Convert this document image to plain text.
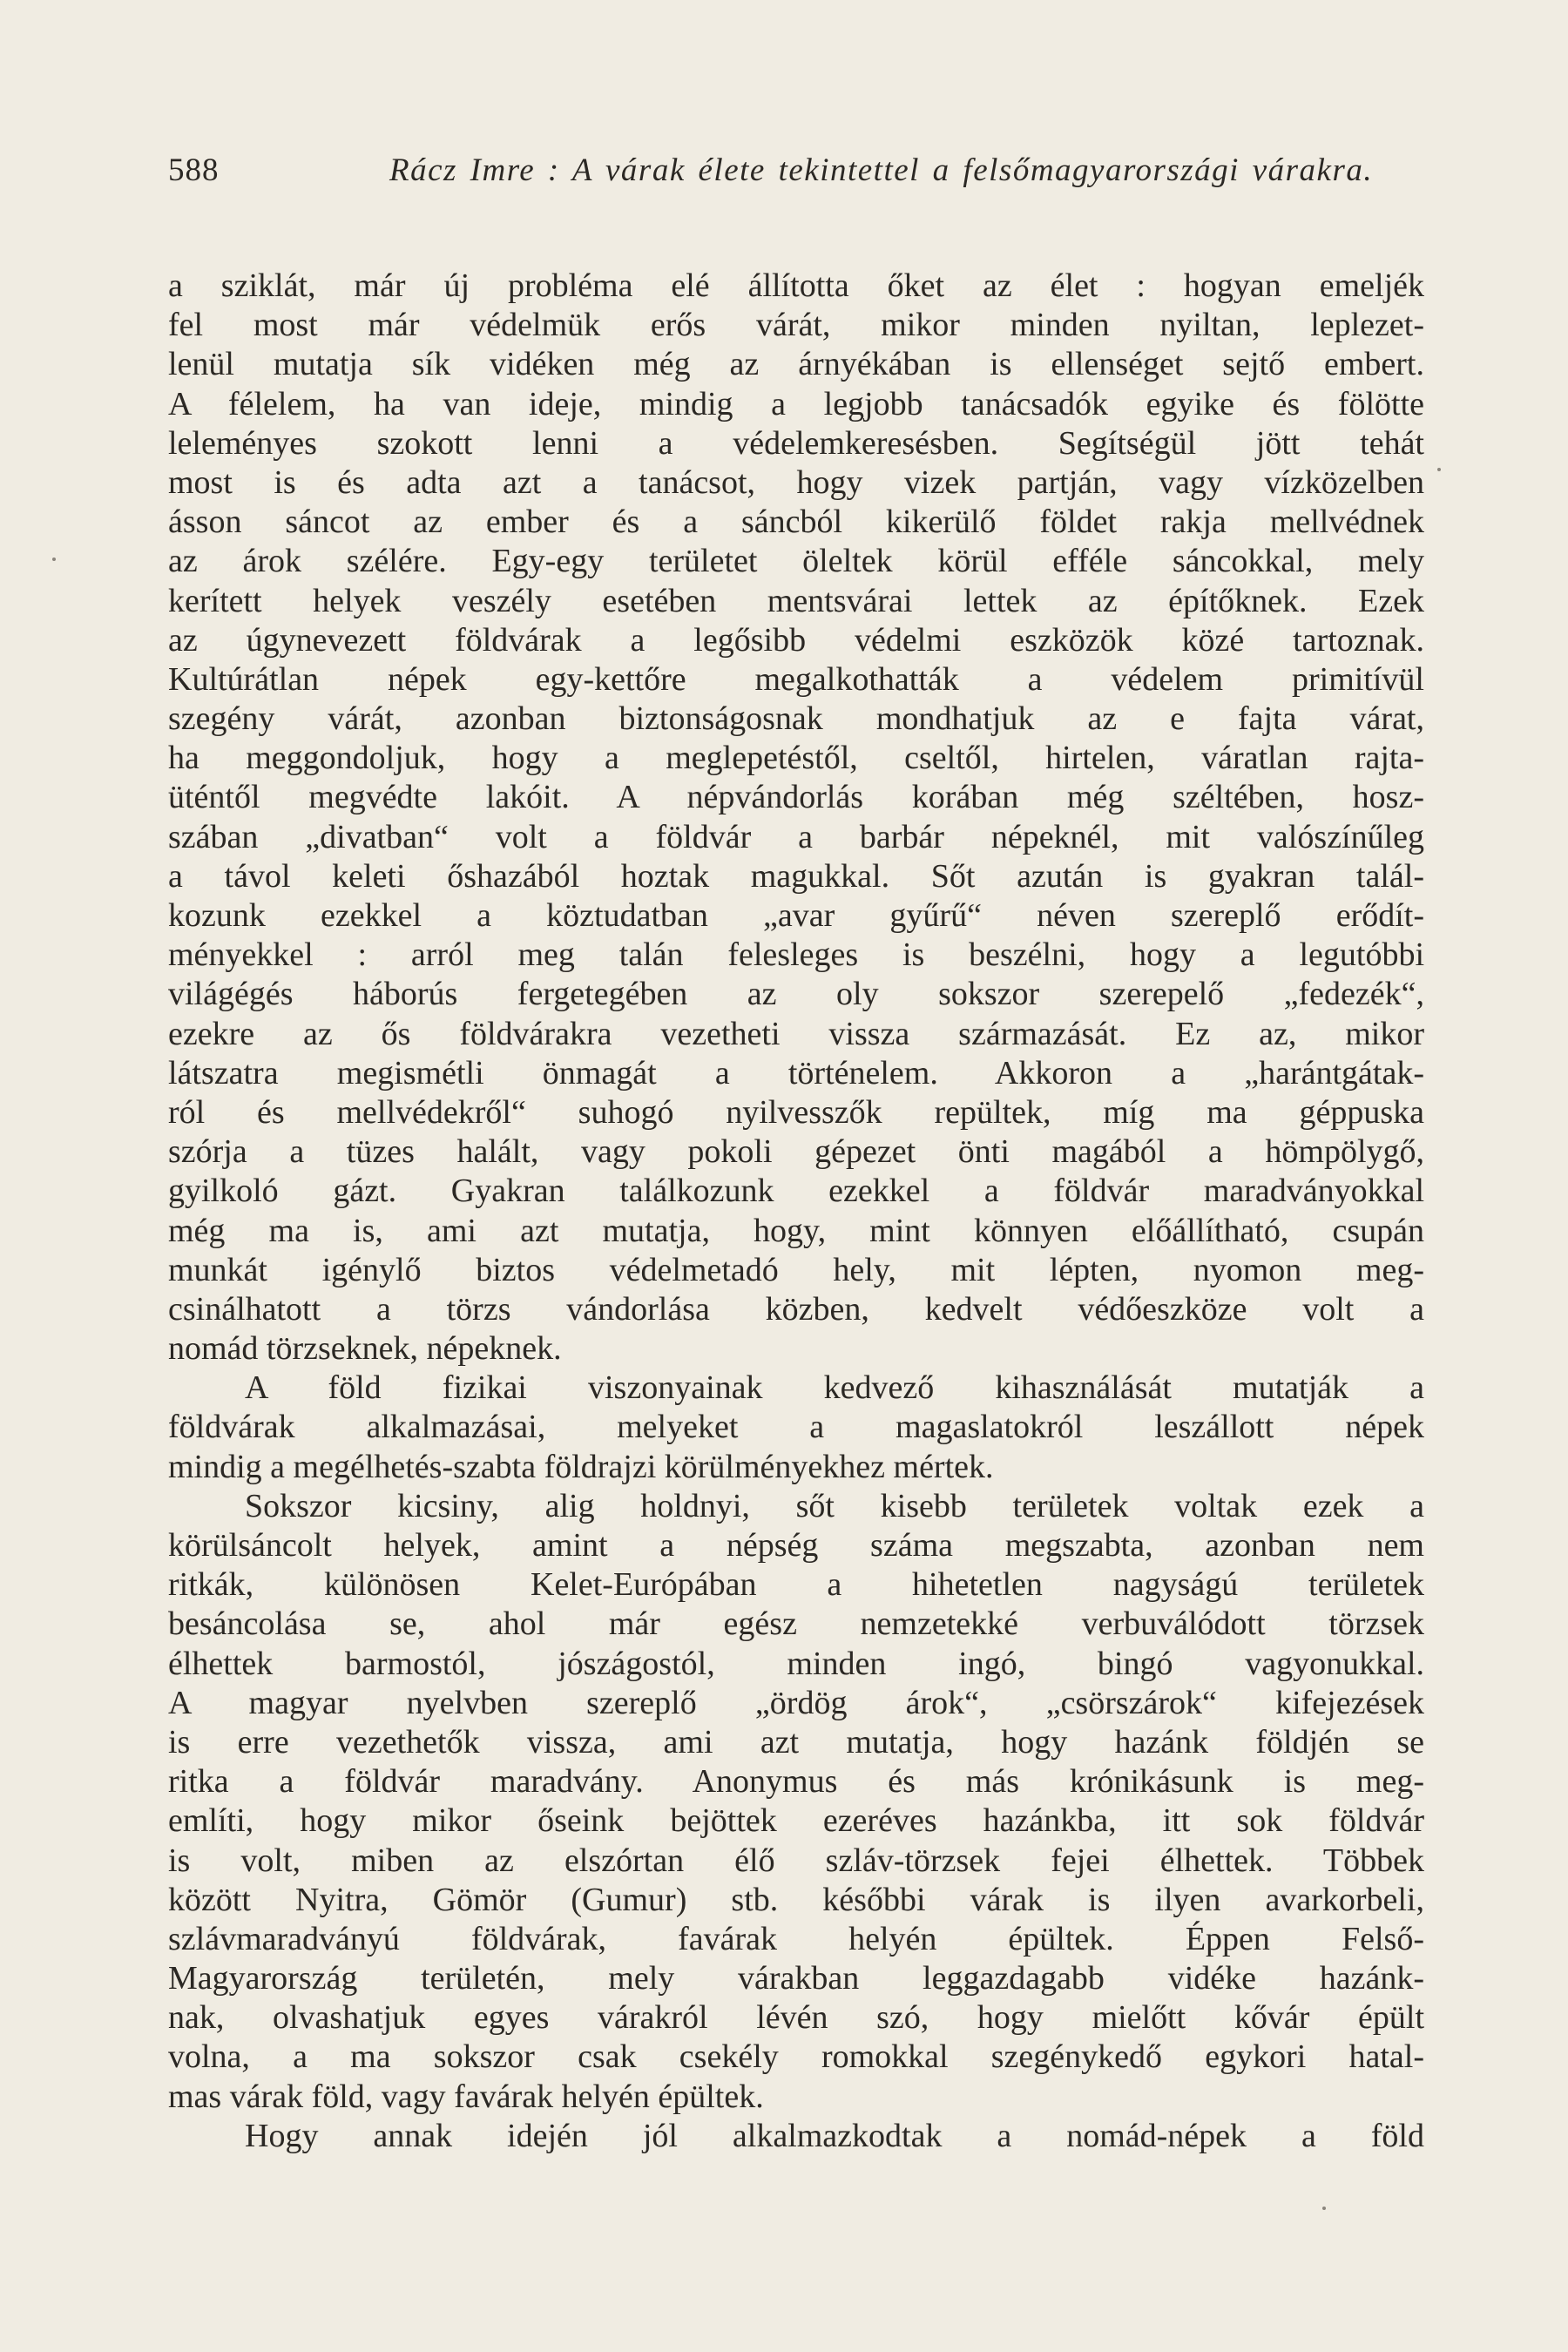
588	Rácz Imre : A várak élete tekintettel a felsőmagyarországi várakra.
a sziklát, már új probléma elé állította őket az élet : hogyan emeljék
fel most már védelmük erős várát, mikor minden nyiltan, leplezet-
lenül mutatja sík vidéken még az árnyékában is ellenséget sejtő embert.
A félelem, ha van ideje, mindig a legjobb tanácsadók egyike és fölötte
leleményes szokott lenni a védelemkeresésben. Segítségül jött tehát
most is és adta azt a tanácsot, hogy vizek partján, vagy vízközelben
ásson sáncot az ember és a sáncból kikerülő földet rakja mellvédnek
az árok szélére. Egy-egy területet öleltek körül efféle sáncokkal, mely
kerített helyek veszély esetében mentsvárai lettek az építőknek. Ezek
az úgynevezett földvárak a legősibb védelmi eszközök közé tartoznak.
Kultúrátlan népek egy-kettőre megalkothatták a védelem primitívül
szegény várát, azonban biztonságosnak mondhatjuk az e fajta várat,
ha meggondoljuk, hogy a meglepetéstől, cseltől, hirtelen, váratlan rajta-
üténtől megvédte lakóit. A népvándorlás korában még széltében, hosz-
szában „divatban“ volt a földvár a barbár népeknél, mit valószínűleg
a távol keleti őshazából hoztak magukkal. Sőt azután is gyakran talál-
kozunk ezekkel a köztudatban „avar gyűrű“ néven szereplő erődít-
ményekkel : arról meg talán felesleges is beszélni, hogy a legutóbbi
világégés háborús fergetegében az oly sokszor szerepelő „fedezék“,
ezekre az ős földvárakra vezetheti vissza származását. Ez az, mikor
látszatra megismétli önmagát a történelem. Akkoron a „harántgátak-
ról és mellvédekről“ suhogó nyilvesszők repültek, míg ma géppuska
szórja a tüzes halált, vagy pokoli gépezet önti magából a hömpölygő,
gyilkoló gázt. Gyakran találkozunk ezekkel a földvár maradványokkal
még ma is, ami azt mutatja, hogy, mint könnyen előállítható, csupán
munkát igénylő biztos védelmetadó hely, mit lépten, nyomon meg-
csinálhatott a törzs vándorlása közben, kedvelt védőeszköze volt a
nomád törzseknek, népeknek.
A föld fizikai viszonyainak kedvező kihasználását mutatják a
földvárak alkalmazásai, melyeket a magaslatokról leszállott népek
mindig a megélhetés-szabta földrajzi körülményekhez mértek.
Sokszor kicsiny, alig holdnyi, sőt kisebb területek voltak ezek a
körülsáncolt helyek, amint a népség száma megszabta, azonban nem
ritkák, különösen Kelet-Európában a hihetetlen nagyságú területek
besáncolása se, ahol már egész nemzetekké verbuválódott törzsek
élhettek barmostól, jószágostól, minden ingó, bingó vagyonukkal.
A magyar nyelvben szereplő „ördög árok“, „csörszárok“ kifejezések
is erre vezethetők vissza, ami azt mutatja, hogy hazánk földjén se
ritka a földvár maradvány. Anonymus és más krónikásunk is meg-
említi, hogy mikor őseink bejöttek ezeréves hazánkba, itt sok földvár
is volt, miben az elszórtan élő szláv-törzsek fejei élhettek. Többek
között Nyitra, Gömör (Gumur) stb. későbbi várak is ilyen avarkorbeli,
szlávmaradványú földvárak, favárak helyén épültek. Éppen Felső-
Magyarország területén, mely várakban leggazdagabb vidéke hazánk-
nak, olvashatjuk egyes várakról lévén szó, hogy mielőtt kővár épült
volna, a ma sokszor csak csekély romokkal szegénykedő egykori hatal-
mas várak föld, vagy favárak helyén épültek.
Hogy annak idején jól alkalmazkodtak a nomád-népek a föld
